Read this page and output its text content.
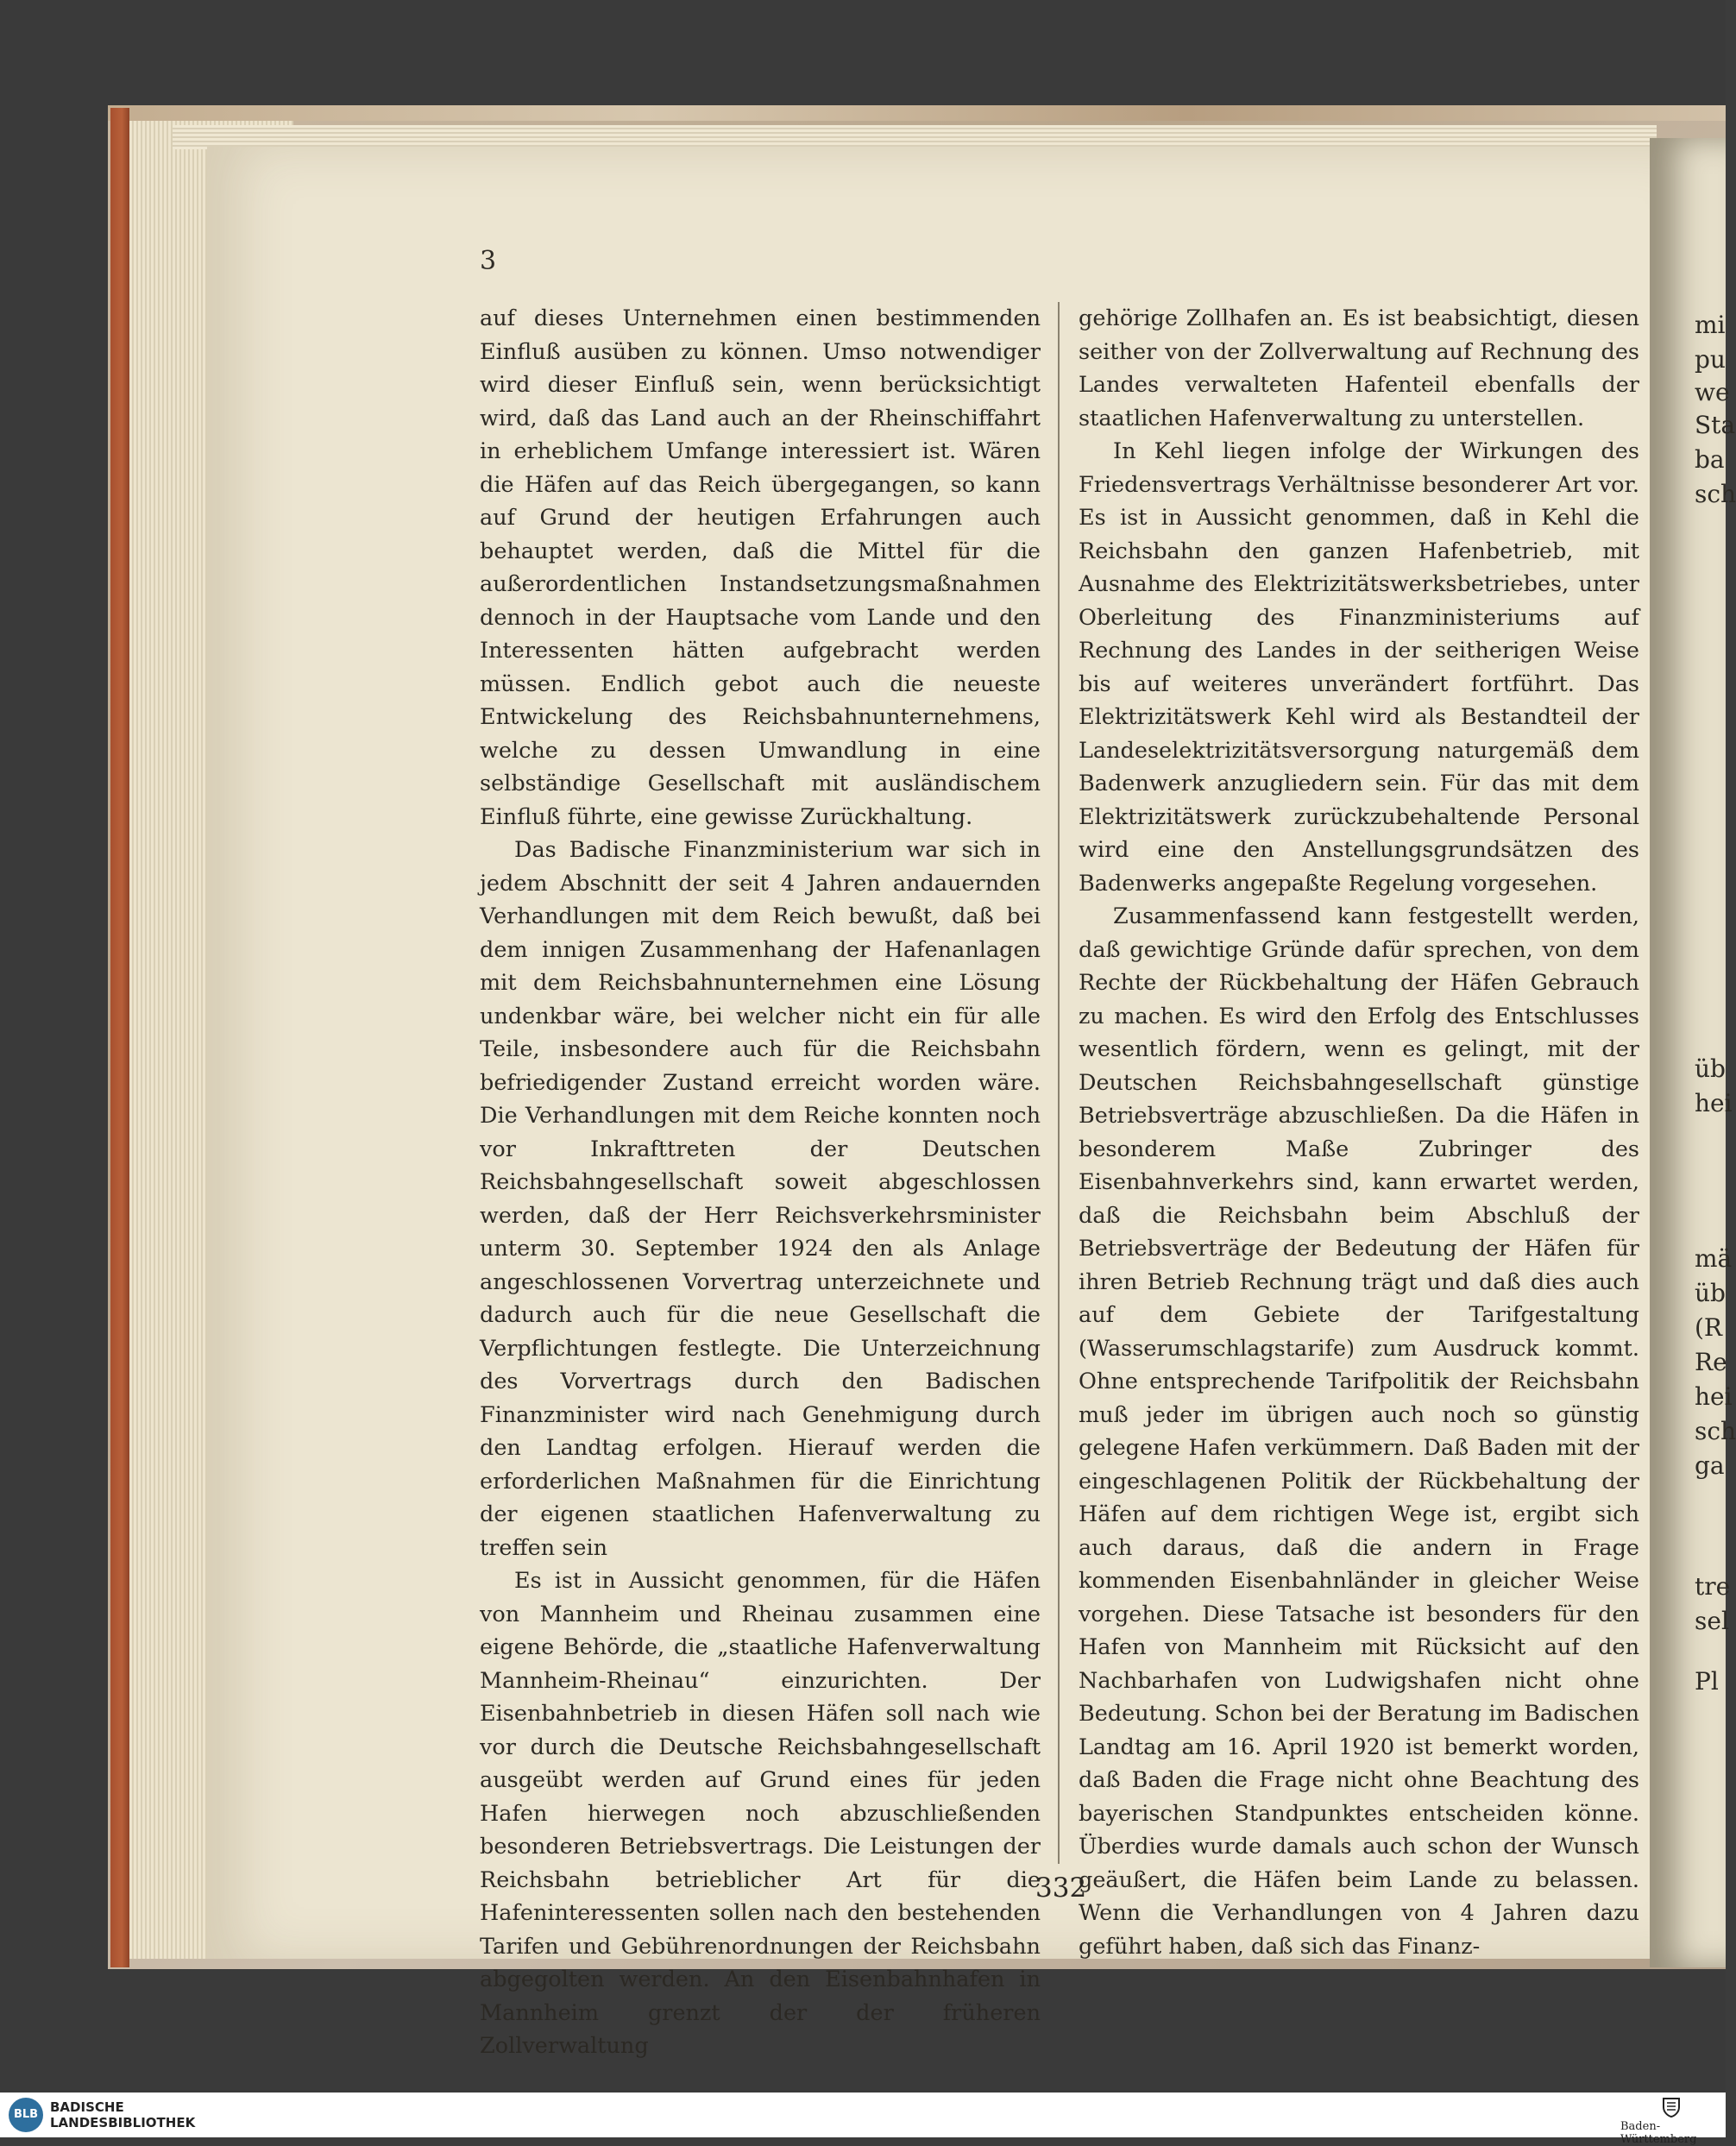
3

auf dieses Unternehmen einen bestimmenden Einfluß ausüben zu können. Umso notwendiger wird dieser Einfluß sein, wenn berücksichtigt wird, daß das Land auch an der Rheinschiffahrt in erheblichem Umfange interessiert ist. Wären die Häfen auf das Reich übergegangen, so kann auf Grund der heutigen Erfahrungen auch behauptet werden, daß die Mittel für die außerordentlichen Instandsetzungsmaßnahmen dennoch in der Hauptsache vom Lande und den Interessenten hätten aufgebracht werden müssen. Endlich gebot auch die neueste Entwickelung des Reichsbahnunternehmens, welche zu dessen Umwandlung in eine selbständige Gesellschaft mit ausländischem Einfluß führte, eine gewisse Zurückhaltung.

Das Badische Finanzministerium war sich in jedem Abschnitt der seit 4 Jahren andauernden Verhandlungen mit dem Reich bewußt, daß bei dem innigen Zusammenhang der Hafenanlagen mit dem Reichsbahnunternehmen eine Lösung undenkbar wäre, bei welcher nicht ein für alle Teile, insbesondere auch für die Reichsbahn befriedigender Zustand erreicht worden wäre. Die Verhandlungen mit dem Reiche konnten noch vor Inkrafttreten der Deutschen Reichsbahngesellschaft soweit abgeschlossen werden, daß der Herr Reichsverkehrsminister unterm 30. September 1924 den als Anlage angeschlossenen Vorvertrag unterzeichnete und dadurch auch für die neue Gesellschaft die Verpflichtungen festlegte. Die Unterzeichnung des Vorvertrags durch den Badischen Finanzminister wird nach Genehmigung durch den Landtag erfolgen. Hierauf werden die erforderlichen Maßnahmen für die Einrichtung der eigenen staatlichen Hafenverwaltung zu treffen sein

Es ist in Aussicht genommen, für die Häfen von Mannheim und Rheinau zusammen eine eigene Behörde, die „staatliche Hafenverwaltung Mannheim-Rheinau“ einzurichten. Der Eisenbahnbetrieb in diesen Häfen soll nach wie vor durch die Deutsche Reichsbahngesellschaft ausgeübt werden auf Grund eines für jeden Hafen hierwegen noch abzuschließenden besonderen Betriebsvertrags. Die Leistungen der Reichsbahn betrieblicher Art für die Hafeninteressenten sollen nach den bestehenden Tarifen und Gebührenordnungen der Reichsbahn abgegolten werden. An den Eisenbahnhafen in Mannheim grenzt der der früheren Zollverwaltung

gehörige Zollhafen an. Es ist beabsichtigt, diesen seither von der Zollverwaltung auf Rechnung des Landes verwalteten Hafenteil ebenfalls der staatlichen Hafenverwaltung zu unterstellen.

In Kehl liegen infolge der Wirkungen des Friedensvertrags Verhältnisse besonderer Art vor. Es ist in Aussicht genommen, daß in Kehl die Reichsbahn den ganzen Hafenbetrieb, mit Ausnahme des Elektrizitätswerksbetriebes, unter Oberleitung des Finanzministeriums auf Rechnung des Landes in der seitherigen Weise bis auf weiteres unverändert fortführt. Das Elektrizitätswerk Kehl wird als Bestandteil der Landeselektrizitätsversorgung naturgemäß dem Badenwerk anzugliedern sein. Für das mit dem Elektrizitätswerk zurückzubehaltende Personal wird eine den Anstellungsgrundsätzen des Badenwerks angepaßte Regelung vorgesehen.

Zusammenfassend kann festgestellt werden, daß gewichtige Gründe dafür sprechen, von dem Rechte der Rückbehaltung der Häfen Gebrauch zu machen. Es wird den Erfolg des Entschlusses wesentlich fördern, wenn es gelingt, mit der Deutschen Reichsbahngesellschaft günstige Betriebsverträge abzuschließen. Da die Häfen in besonderem Maße Zubringer des Eisenbahnverkehrs sind, kann erwartet werden, daß die Reichsbahn beim Abschluß der Betriebsverträge der Bedeutung der Häfen für ihren Betrieb Rechnung trägt und daß dies auch auf dem Gebiete der Tarifgestaltung (Wasserumschlagstarife) zum Ausdruck kommt. Ohne entsprechende Tarifpolitik der Reichsbahn muß jeder im übrigen auch noch so günstig gelegene Hafen verkümmern. Daß Baden mit der eingeschlagenen Politik der Rückbehaltung der Häfen auf dem richtigen Wege ist, ergibt sich auch daraus, daß die andern in Frage kommenden Eisenbahnländer in gleicher Weise vorgehen. Diese Tatsache ist besonders für den Hafen von Mannheim mit Rücksicht auf den Nachbarhafen von Ludwigshafen nicht ohne Bedeutung. Schon bei der Beratung im Badischen Landtag am 16. April 1920 ist bemerkt worden, daß Baden die Frage nicht ohne Beachtung des bayerischen Standpunktes entscheiden könne. Überdies wurde damals auch schon der Wunsch geäußert, die Häfen beim Lande zu belassen. Wenn die Verhandlungen von 4 Jahren dazu geführt haben, daß sich das Finanz-

332
mi
pu
we
Sta
ba
sch
üb
hei
mä
üb
(R
Re
hei
sch
ga
tre
sel
Pl
BLB BADISCHE
LANDESBIBLIOTHEK	Baden-Württemberg
